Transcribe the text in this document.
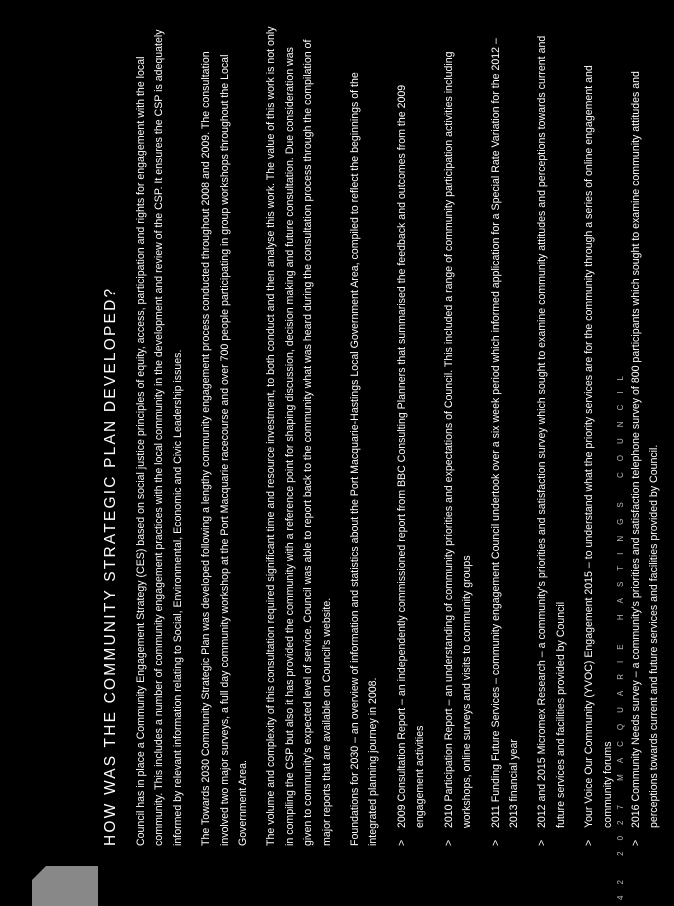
HOW WAS THE COMMUNITY STRATEGIC PLAN DEVELOPED? Council has in place a Community Engagement Strategy (CES) based on social justice principles of equity, access, participation and rights for engagement with the local community. This includes a number of community engagement practices with the local community in the development and review of the CSP. It ensures the CSP is adequately informed by relevant information relating to Social, Environmental, Economic and Civic Leadership issues.	The Towards 2030 Community Strategic Plan was developed following a lengthy community engagement process conducted throughout 2008 and 2009. The consultation involved two major surveys, a full day community workshop at the Port Macquarie racecourse and over 700 people participating in group workshops throughout the Local Government Area.	The volume and complexity of this consultation required significant time and resource investment, to both conduct and then analyse this work. The value of this work is not only in compiling the CSP but also it has provided the community with a reference point for shaping discussion, decision making and future consultation. Due consideration was given to community's expected level of service. Council was able to report back to the community what was heard during the consultation process through the compilation of major reports that are available on Council's website.	Foundations for 2030 – an overview of information and statistics about the Port Macquarie-Hastings Local Government Area, compiled to reflect the beginnings of the integrated planning journey in 2008.	>
2009 Consultation Report – an independently commissioned report from BBC Consulting Planners that summarised the feedback and outcomes from the 2009 engagement activities
>
2010 Participation Report – an understanding of community priorities and expectations of Council. This included a range of community participation activities including workshops, online surveys and visits to community groups
>
2011 Funding Future Services – community engagement Council undertook over a six week period which informed application for a Special Rate Variation for the 2012 – 2013 financial year
>
2012 and 2015 Micromex Research – a community's priorities and satisfaction survey which sought to examine community attitudes and perceptions towards current and future services and facilities provided by Council
>
Your Voice Our Community (YVOC) Engagement 2015 – to understand what the priority services are for the community through a series of online engagement and community forums
>
2016 Community Needs survey – a community's priorities and satisfaction telephone survey of 800 participants which sought to examine community attitudes and perceptions towards current and future services and facilities provided by Council.
42 2027 MACQUARIE HASTINGS COUNCIL
